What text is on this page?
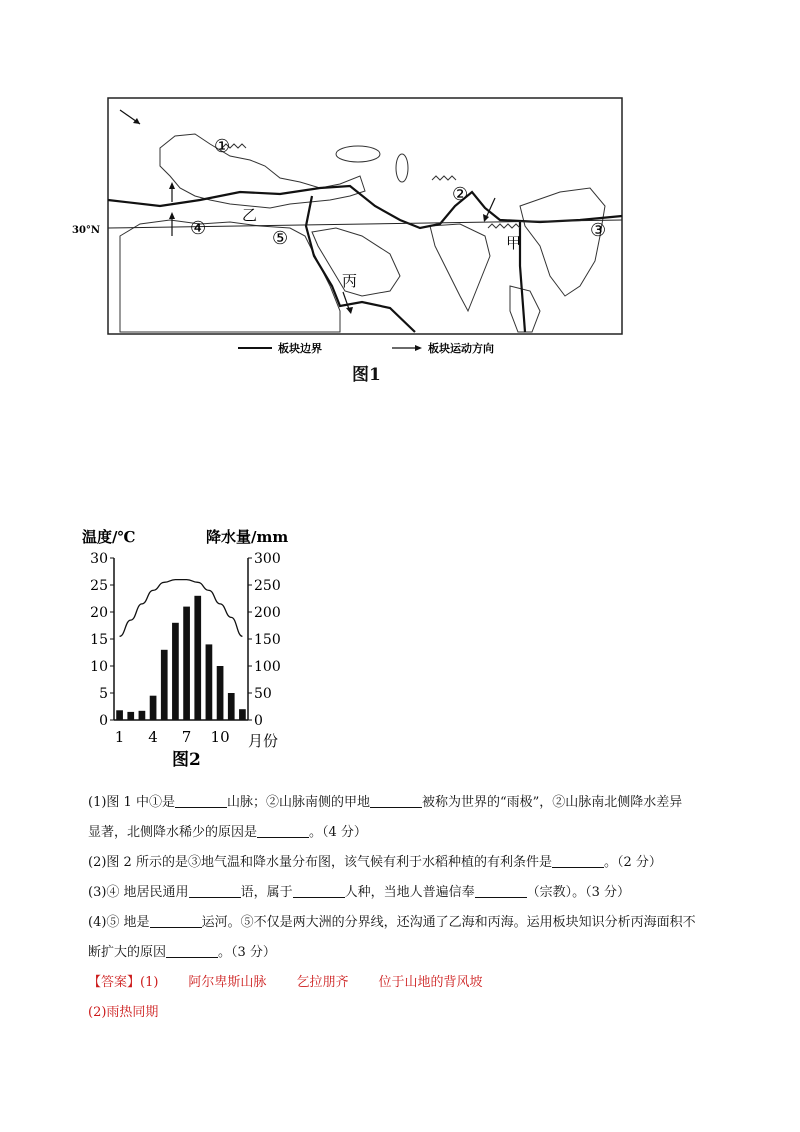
①
②
③
④	⑤
乙
丙
甲
30°N
板块边界	板块运动方向
图1
温度/℃	降水量/mm
30
25
20
15
10
5
0
300
250
200
150
100
50
0
1 4 7 10 月份
图2
(1)图 1 中①是	山脉；②山脉南侧的甲地	被称为世界的“雨极”，②山脉南北侧降水差异
显著，北侧降水稀少的原因是	。（4 分）
(2)图 2 所示的是③地气温和降水量分布图，该气候有利于水稻种植的有利条件是	。（2 分）
(3)④ 地居民通用	语，属于	人种，当地人普遍信奉	（宗教）。（3 分）
(4)⑤ 地是	运河。⑤不仅是两大洲的分界线，还沟通了乙海和丙海。运用板块知识分析丙海面积不
断扩大的原因	。（3 分）
【答案】(1) 阿尔卑斯山脉 乞拉朋齐 位于山地的背风坡
(2)雨热同期
